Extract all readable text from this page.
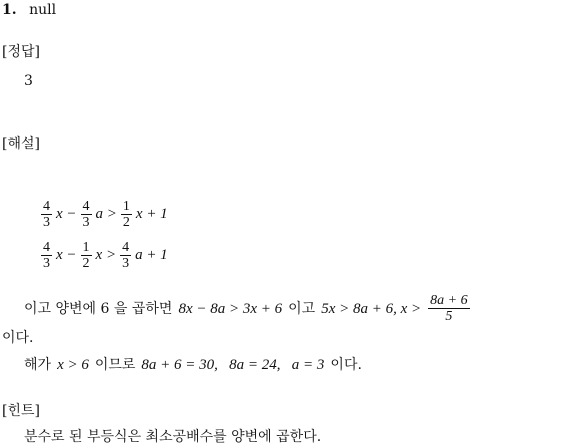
1. null
[정답]
3
[해설]
$\frac{4}{3}$ $x - \frac{4}{3}$ $a > \frac{1}{2}$ x + 1
$\frac{4}{3}$ $x - \frac{1}{2}$ $x > \frac{4}{3}$ a + 1
이고 양변에 6 을 곱하면 8x − 8a > 3x + 6 이고 5x > 8a + 6, $x > \frac{8a + 6}{5}$
이다.
해가 x > 6 이므로 8a + 6 = 30,   8a = 24,   a = 3 이다.
[힌트]
분수로 된 부등식은 최소공배수를 양변에 곱한다.
